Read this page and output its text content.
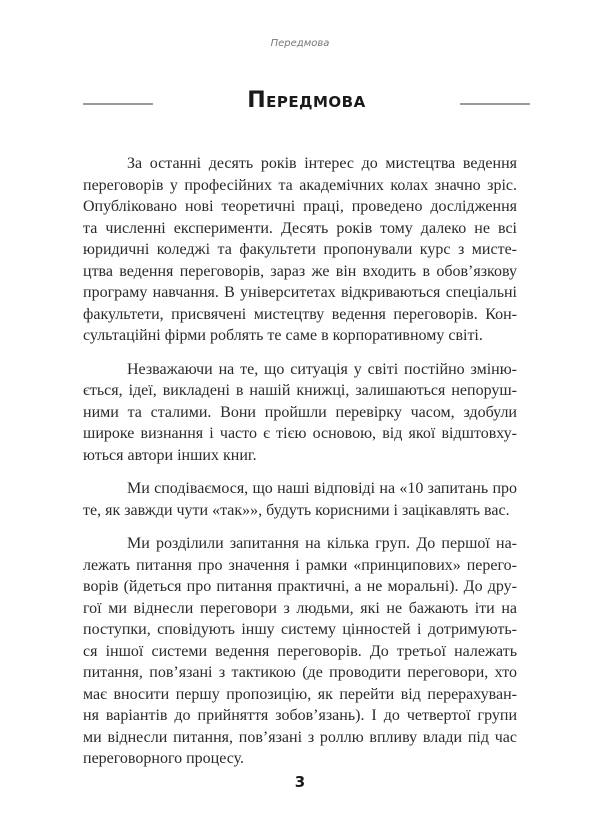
Передмова
Передмова
За останні десять років інтерес до мистецтва ведення
переговорів у професійних та академічних колах значно зріс.
Опубліковано нові теоретичні праці, проведено дослідження
та численні експерименти. Десять років тому далеко не всі
юридичні коледжі та факультети пропонували курс з мисте-
цтва ведення переговорів, зараз же він входить в обов’язкову
програму навчання. В університетах відкриваються спеціальні
факультети, присвячені мистецтву ведення переговорів. Кон-
сультаційні фірми роблять те саме в корпоративному світі.
Незважаючи на те, що ситуація у світі постійно зміню-
ється, ідеї, викладені в нашій книжці, залишаються непоруш-
ними та сталими. Вони пройшли перевірку часом, здобули
широке визнання і часто є тією основою, від якої відштовху-
ються автори інших книг.
Ми сподіваємося, що наші відповіді на «10 запитань про
те, як завжди чути «так»», будуть корисними і зацікавлять вас.
Ми розділили запитання на кілька груп. До першої на-
лежать питання про значення і рамки «принципових» перего-
ворів (йдеться про питання практичні, а не моральні). До дру-
гої ми віднесли переговори з людьми, які не бажають іти на
поступки, сповідують іншу систему цінностей і дотримують-
ся іншої системи ведення переговорів. До третьої належать
питання, пов’язані з тактикою (де проводити переговори, хто
має вносити першу пропозицію, як перейти від перерахуван-
ня варіантів до прийняття зобов’язань). І до четвертої групи
ми віднесли питання, пов’язані з роллю впливу влади під час
переговорного процесу.
3
